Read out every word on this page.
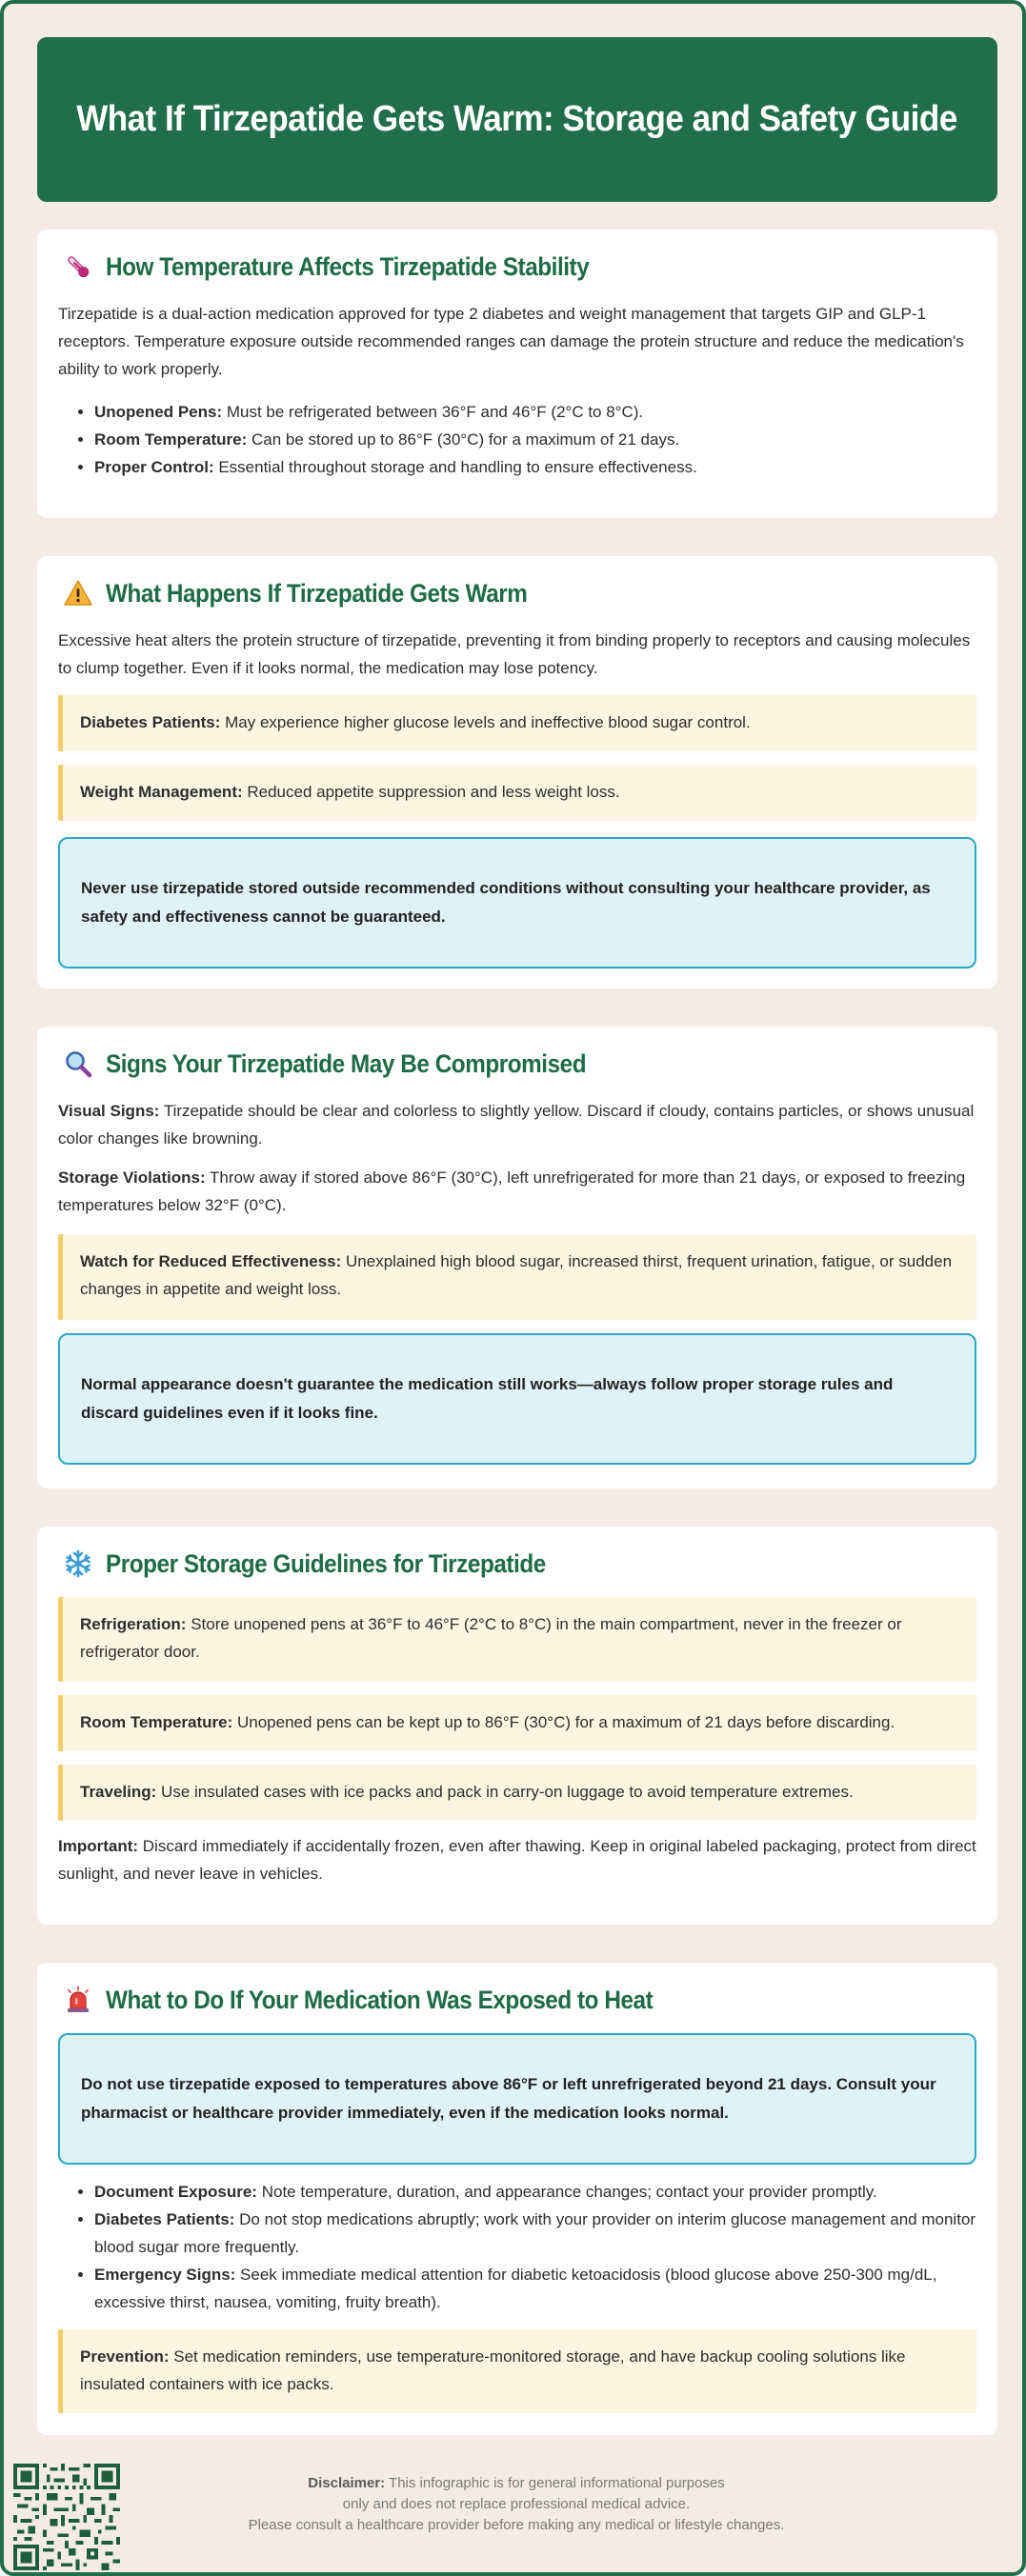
What If Tirzepatide Gets Warm: Storage and Safety Guide
How Temperature Affects Tirzepatide Stability

Tirzepatide is a dual-action medication approved for type 2 diabetes and weight management that targets GIP and GLP-1 receptors. Temperature exposure outside recommended ranges can damage the protein structure and reduce the medication's ability to work properly.

• Unopened Pens: Must be refrigerated between 36°F and 46°F (2°C to 8°C).
• Room Temperature: Can be stored up to 86°F (30°C) for a maximum of 21 days.
• Proper Control: Essential throughout storage and handling to ensure effectiveness.
What Happens If Tirzepatide Gets Warm

Excessive heat alters the protein structure of tirzepatide, preventing it from binding properly to receptors and causing molecules to clump together. Even if it looks normal, the medication may lose potency.

Diabetes Patients: May experience higher glucose levels and ineffective blood sugar control.
Weight Management: Reduced appetite suppression and less weight loss.
Never use tirzepatide stored outside recommended conditions without consulting your healthcare provider, as safety and effectiveness cannot be guaranteed.
Signs Your Tirzepatide May Be Compromised

Visual Signs: Tirzepatide should be clear and colorless to slightly yellow. Discard if cloudy, contains particles, or shows unusual color changes like browning.

Storage Violations: Throw away if stored above 86°F (30°C), left unrefrigerated for more than 21 days, or exposed to freezing temperatures below 32°F (0°C).

Watch for Reduced Effectiveness: Unexplained high blood sugar, increased thirst, frequent urination, fatigue, or sudden changes in appetite and weight loss.
Normal appearance doesn't guarantee the medication still works—always follow proper storage rules and discard guidelines even if it looks fine.
Proper Storage Guidelines for Tirzepatide
Refrigeration: Store unopened pens at 36°F to 46°F (2°C to 8°C) in the main compartment, never in the freezer or refrigerator door.
Room Temperature: Unopened pens can be kept up to 86°F (30°C) for a maximum of 21 days before discarding.
Traveling: Use insulated cases with ice packs and pack in carry-on luggage to avoid temperature extremes.

Important: Discard immediately if accidentally frozen, even after thawing. Keep in original labeled packaging, protect from direct sunlight, and never leave in vehicles.

What to Do If Your Medication Was Exposed to Heat
Do not use tirzepatide exposed to temperatures above 86°F or left unrefrigerated beyond 21 days. Consult your pharmacist or healthcare provider immediately, even if the medication looks normal.
• Document Exposure: Note temperature, duration, and appearance changes; contact your provider promptly.
• Diabetes Patients: Do not stop medications abruptly; work with your provider on interim glucose management and monitor blood sugar more frequently.
• Emergency Signs: Seek immediate medical attention for diabetic ketoacidosis (blood glucose above 250-300 mg/dL, excessive thirst, nausea, vomiting, fruity breath).
Prevention: Set medication reminders, use temperature-monitored storage, and have backup cooling solutions like insulated containers with ice packs.
Disclaimer: This infographic is for general informational purposes
only and does not replace professional medical advice.
Please consult a healthcare provider before making any medical or lifestyle changes.
